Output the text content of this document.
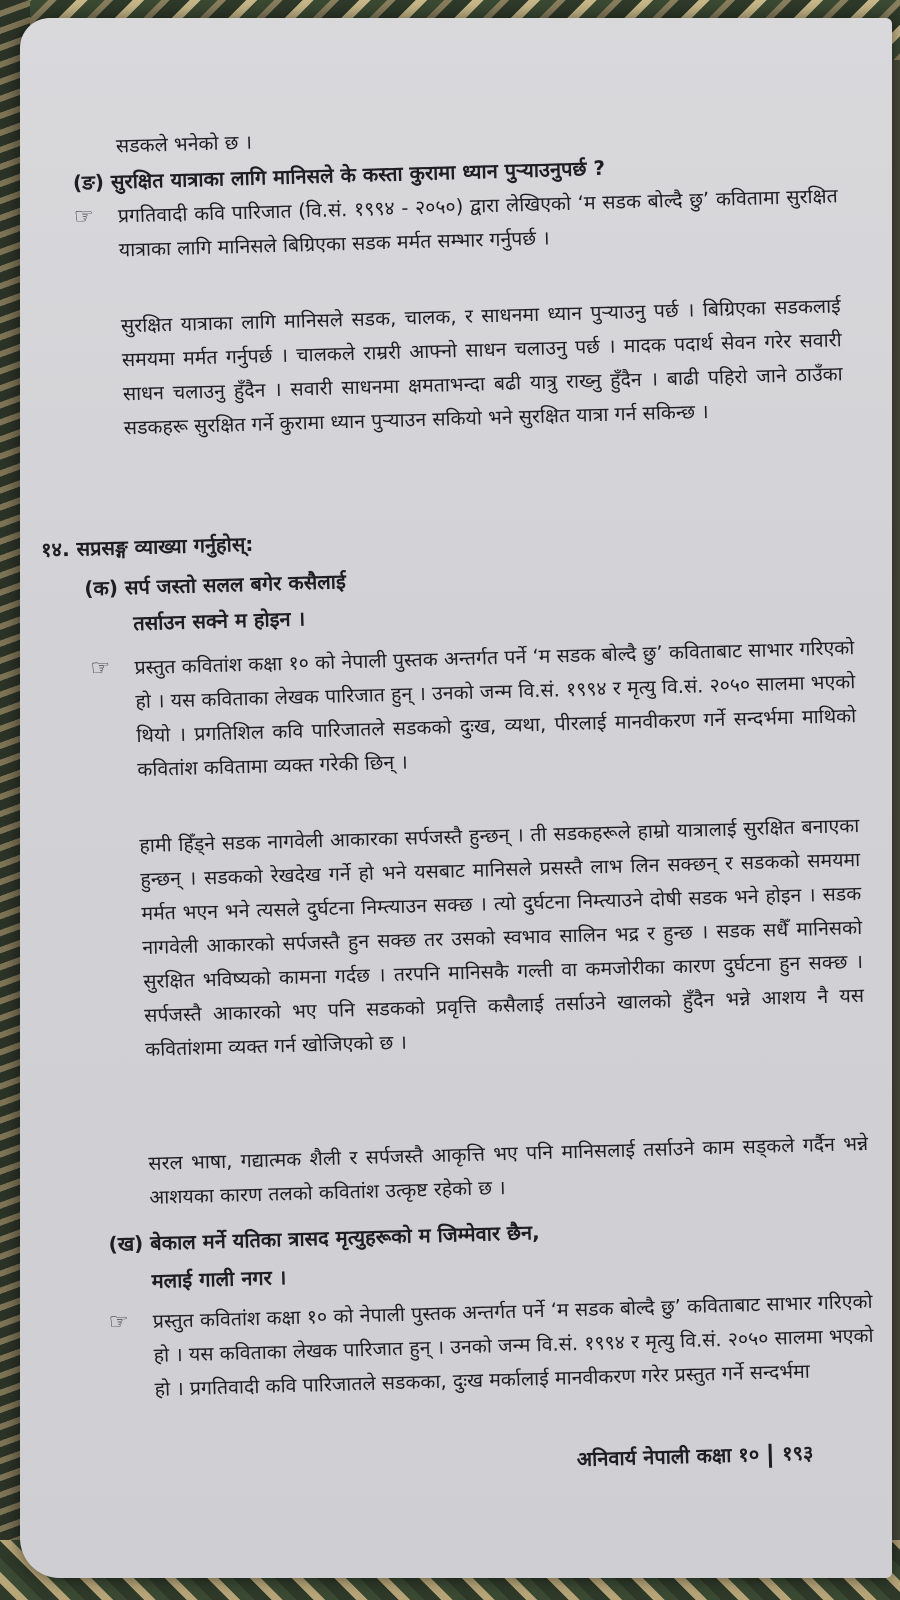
सडकले भनेको छ ।
(ङ) सुरक्षित यात्राका लागि मानिसले के कस्ता कुरामा ध्यान पुऱ्याउनुपर्छ ?
☞ प्रगतिवादी कवि पारिजात (वि.सं. १९९४ - २०५०) द्वारा लेखिएको ‘म सडक बोल्दै छु’ कवितामा सुरक्षित यात्राका लागि मानिसले बिग्रिएका सडक मर्मत सम्भार गर्नुपर्छ ।
सुरक्षित यात्राका लागि मानिसले सडक, चालक, र साधनमा ध्यान पुऱ्याउनु पर्छ । बिग्रिएका सडकलाई समयमा मर्मत गर्नुपर्छ । चालकले राम्ररी आफ्नो साधन चलाउनु पर्छ । मादक पदार्थ सेवन गरेर सवारी साधन चलाउनु हुँदैन । सवारी साधनमा क्षमताभन्दा बढी यात्रु राख्नु हुँदैन । बाढी पहिरो जाने ठाउँका सडकहरू सुरक्षित गर्ने कुरामा ध्यान पुऱ्याउन सकियो भने सुरक्षित यात्रा गर्न सकिन्छ ।
१४. सप्रसङ्ग व्याख्या गर्नुहोस्:
(क) सर्प जस्तो सलल बगेर कसैलाई
तर्साउन सक्ने म होइन ।
☞ प्रस्तुत कवितांश कक्षा १० को नेपाली पुस्तक अन्तर्गत पर्ने ‘म सडक बोल्दै छु’ कविताबाट साभार गरिएको हो । यस कविताका लेखक पारिजात हुन् । उनको जन्म वि.सं. १९९४ र मृत्यु वि.सं. २०५० सालमा भएको थियो । प्रगतिशिल कवि पारिजातले सडकको दुःख, व्यथा, पीरलाई मानवीकरण गर्ने सन्दर्भमा माथिको कवितांश कवितामा व्यक्त गरेकी छिन् ।
हामी हिँड्ने सडक नागवेली आकारका सर्पजस्तै हुन्छन् । ती सडकहरूले हाम्रो यात्रालाई सुरक्षित बनाएका हुन्छन् । सडकको रेखदेख गर्ने हो भने यसबाट मानिसले प्रसस्तै लाभ लिन सक्छन् र सडकको समयमा मर्मत भएन भने त्यसले दुर्घटना निम्त्याउन सक्छ । त्यो दुर्घटना निम्त्याउने दोषी सडक भने होइन । सडक नागवेली आकारको सर्पजस्तै हुन सक्छ तर उसको स्वभाव सालिन भद्र र हुन्छ । सडक सधैँ मानिसको सुरक्षित भविष्यको कामना गर्दछ । तरपनि मानिसकै गल्ती वा कमजोरीका कारण दुर्घटना हुन सक्छ । सर्पजस्तै आकारको भए पनि सडकको प्रवृत्ति कसैलाई तर्साउने खालको हुँदैन भन्ने आशय नै यस कवितांशमा व्यक्त गर्न खोजिएको छ ।
सरल भाषा, गद्यात्मक शैली र सर्पजस्तै आकृत्ति भए पनि मानिसलाई तर्साउने काम सड्कले गर्दैन भन्ने आशयका कारण तलको कवितांश उत्कृष्ट रहेको छ ।
(ख) बेकाल मर्ने यतिका त्रासद मृत्युहरूको म जिम्मेवार छैन,
मलाई गाली नगर ।
☞ प्रस्तुत कवितांश कक्षा १० को नेपाली पुस्तक अन्तर्गत पर्ने ‘म सडक बोल्दै छु’ कविताबाट साभार गरिएको हो । यस कविताका लेखक पारिजात हुन् । उनको जन्म वि.सं. १९९४ र मृत्यु वि.सं. २०५० सालमा भएको हो । प्रगतिवादी कवि पारिजातले सडकका, दुःख मर्कालाई मानवीकरण गरेर प्रस्तुत गर्ने सन्दर्भमा
अनिवार्य नेपाली कक्षा १० १९३
